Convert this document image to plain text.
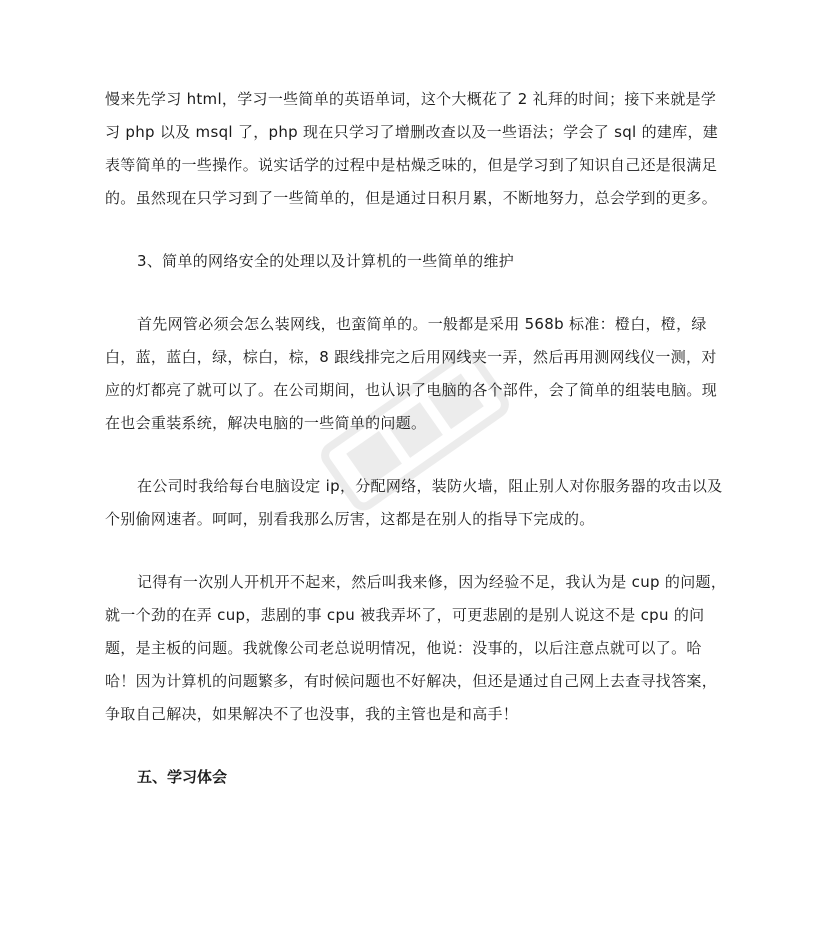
慢来先学习 html，学习一些简单的英语单词，这个大概花了 2 礼拜的时间；接下来就是学习 php 以及 msql 了，php 现在只学习了增删改查以及一些语法；学会了 sql 的建库，建表等简单的一些操作。说实话学的过程中是枯燥乏味的，但是学习到了知识自己还是很满足的。虽然现在只学习到了一些简单的，但是通过日积月累，不断地努力，总会学到的更多。

3、简单的网络安全的处理以及计算机的一些简单的维护

首先网管必须会怎么装网线，也蛮简单的。一般都是采用 568b 标准：橙白，橙，绿白，蓝，蓝白，绿，棕白，棕，8 跟线排完之后用网线夹一弄，然后再用测网线仪一测，对应的灯都亮了就可以了。在公司期间，也认识了电脑的各个部件，会了简单的组装电脑。现在也会重装系统，解决电脑的一些简单的问题。

在公司时我给每台电脑设定 ip，分配网络，装防火墙，阻止别人对你服务器的攻击以及个别偷网速者。呵呵，别看我那么厉害，这都是在别人的指导下完成的。

记得有一次别人开机开不起来，然后叫我来修，因为经验不足，我认为是 cup 的问题，就一个劲的在弄 cup，悲剧的事 cpu 被我弄坏了，可更悲剧的是别人说这不是 cpu 的问题，是主板的问题。我就像公司老总说明情况，他说：没事的，以后注意点就可以了。哈哈！因为计算机的问题繁多，有时候问题也不好解决，但还是通过自己网上去查寻找答案，争取自己解决，如果解决不了也没事，我的主管也是和高手！

五、学习体会
